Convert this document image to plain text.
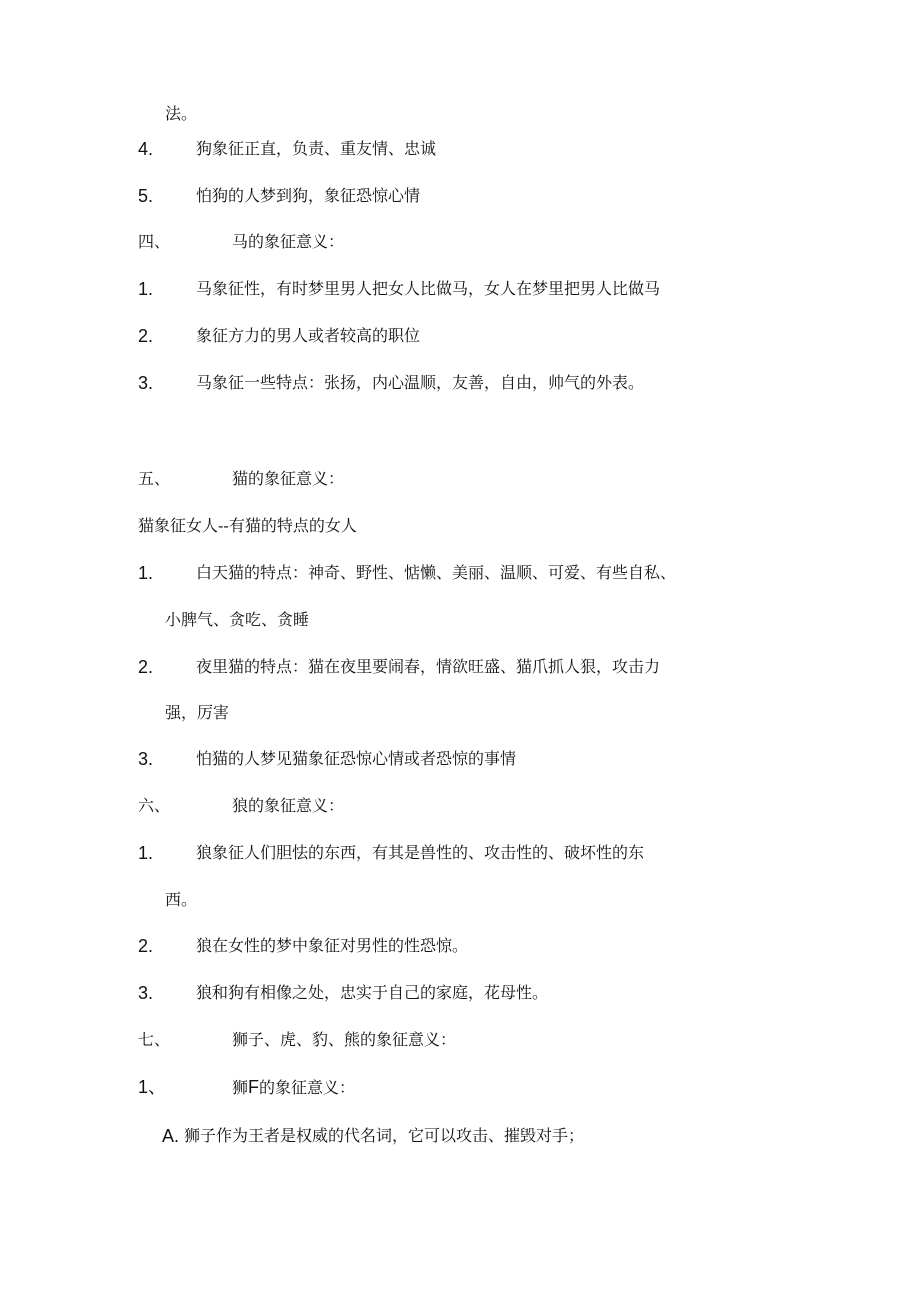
法。
4.	狗象征正直，负责、重友情、忠诚
5.	怕狗的人梦到狗，象征恐惊心情
四、	马的象征意义：
1.	马象征性，有时梦里男人把女人比做马，女人在梦里把男人比做马
2.	象征方力的男人或者较高的职位
3.	马象征一些特点：张扬，内心温顺，友善，自由，帅气的外表。
五、	猫的象征意义：
猫象征女人--有猫的特点的女人
1.	白天猫的特点：神奇、野性、惦懒、美丽、温顺、可爱、有些自私、
小脾气、贪吃、贪睡
2.	夜里猫的特点：猫在夜里要闹春，情欲旺盛、猫爪抓人狠，攻击力
强，厉害
3.	怕猫的人梦见猫象征恐惊心情或者恐惊的事情
六、	狼的象征意义：
1.	狼象征人们胆怯的东西，有其是兽性的、攻击性的、破坏性的东
西。
2.	狼在女性的梦中象征对男性的性恐惊。
3.	狼和狗有相像之处，忠实于自己的家庭，花母性。
七、	狮子、虎、豹、熊的象征意义：
1、	狮F的象征意义：
A. 狮子作为王者是权威的代名词，它可以攻击、摧毁对手；
